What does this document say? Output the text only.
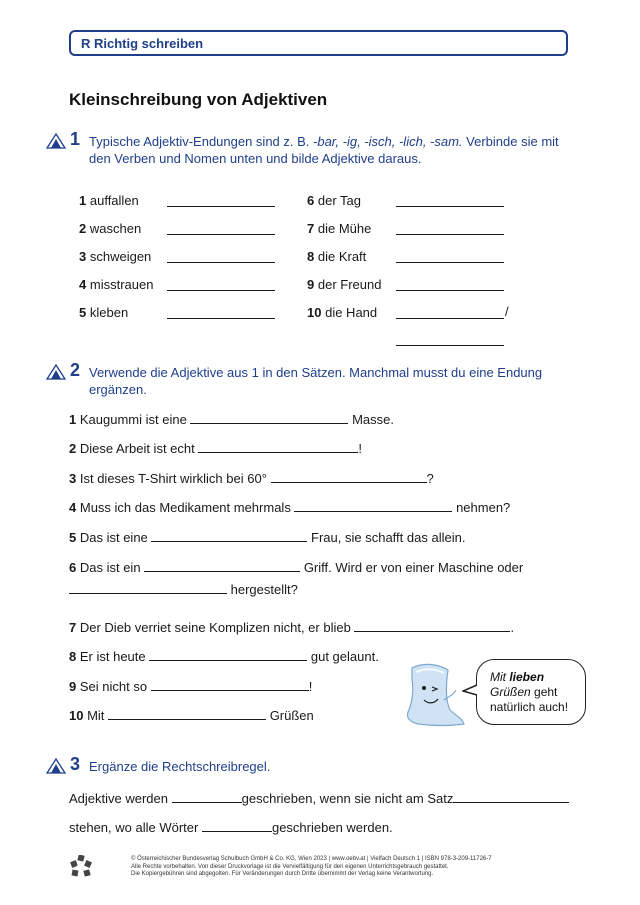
R Richtig schreiben
Kleinschreibung von Adjektiven
1 Typische Adjektiv-Endungen sind z. B. -bar, -ig, -isch, -lich, -sam. Verbinde sie mit den Verben und Nomen unten und bilde Adjektive daraus.
1 auffallen
2 waschen
3 schweigen
4 misstrauen
5 kleben
6 der Tag
7 die Mühe
8 die Kraft
9 der Freund
10 die Hand	/
2 Verwende die Adjektive aus 1 in den Sätzen. Manchmal musst du eine Endung ergänzen.
1 Kaugummi ist eine	Masse.
2 Diese Arbeit ist echt	!
3 Ist dieses T-Shirt wirklich bei 60°	?
4 Muss ich das Medikament mehrmals	nehmen?
5 Das ist eine	Frau, sie schafft das allein.
6 Das ist ein	Griff. Wird er von einer Maschine oder
hergestellt?
7 Der Dieb verriet seine Komplizen nicht, er blieb	.
8 Er ist heute	gut gelaunt.
9 Sei nicht so	!
10 Mit	Grüßen
Mit lieben
Grüßen geht
natürlich auch!
3 Ergänze die Rechtschreibregel.
Adjektive werden	geschrieben, wenn sie nicht am Satz
stehen, wo alle Wörter	geschrieben werden.
öbv
© Österreichischer Bundesverlag Schulbuch GmbH & Co. KG, Wien 2023 | www.oebv.at | Vielfach Deutsch 1 | ISBN 978-3-209-11726-7
Alle Rechte vorbehalten. Von dieser Druckvorlage ist die Vervielfältigung für den eigenen Unterrichtsgebrauch gestattet.
Die Kopiergebühren sind abgegolten. Für Veränderungen durch Dritte übernimmt der Verlag keine Verantwortung.
